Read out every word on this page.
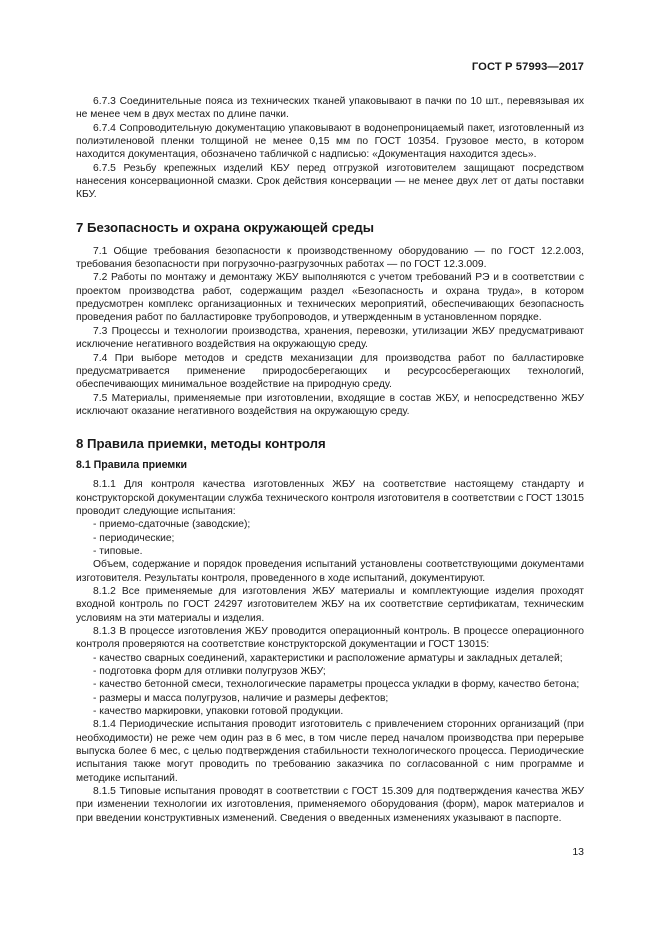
ГОСТ Р 57993—2017

6.7.3 Соединительные пояса из технических тканей упаковывают в пачки по 10 шт., перевязывая их не менее чем в двух местах по длине пачки.

6.7.4 Сопроводительную документацию упаковывают в водонепроницаемый пакет, изготовленный из полиэтиленовой пленки толщиной не менее 0,15 мм по ГОСТ 10354. Грузовое место, в котором находится документация, обозначено табличкой с надписью: «Документация находится здесь».

6.7.5 Резьбу крепежных изделий КБУ перед отгрузкой изготовителем защищают посредством нанесения консервационной смазки. Срок действия консервации — не менее двух лет от даты поставки КБУ.

7 Безопасность и охрана окружающей среды

7.1 Общие требования безопасности к производственному оборудованию — по ГОСТ 12.2.003, требования безопасности при погрузочно-разгрузочных работах — по ГОСТ 12.3.009.

7.2 Работы по монтажу и демонтажу ЖБУ выполняются с учетом требований РЭ и в соответствии с проектом производства работ, содержащим раздел «Безопасность и охрана труда», в котором предусмотрен комплекс организационных и технических мероприятий, обеспечивающих безопасность проведения работ по балластировке трубопроводов, и утвержденным в установленном порядке.

7.3 Процессы и технологии производства, хранения, перевозки, утилизации ЖБУ предусматривают исключение негативного воздействия на окружающую среду.

7.4 При выборе методов и средств механизации для производства работ по балластировке предусматривается применение природосберегающих и ресурсосберегающих технологий, обеспечивающих минимальное воздействие на природную среду.

7.5 Материалы, применяемые при изготовлении, входящие в состав ЖБУ, и непосредственно ЖБУ исключают оказание негативного воздействия на окружающую среду.

8 Правила приемки, методы контроля
8.1 Правила приемки

8.1.1 Для контроля качества изготовленных ЖБУ на соответствие настоящему стандарту и конструкторской документации служба технического контроля изготовителя в соответствии с ГОСТ 13015 проводит следующие испытания:

- приемо-сдаточные (заводские);

- периодические;

- типовые.

Объем, содержание и порядок проведения испытаний установлены соответствующими документами изготовителя. Результаты контроля, проведенного в ходе испытаний, документируют.

8.1.2 Все применяемые для изготовления ЖБУ материалы и комплектующие изделия проходят входной контроль по ГОСТ 24297 изготовителем ЖБУ на их соответствие сертификатам, техническим условиям на эти материалы и изделия.

8.1.3 В процессе изготовления ЖБУ проводится операционный контроль. В процессе операционного контроля проверяются на соответствие конструкторской документации и ГОСТ 13015:

- качество сварных соединений, характеристики и расположение арматуры и закладных деталей;

- подготовка форм для отливки полугрузов ЖБУ;

- качество бетонной смеси, технологические параметры процесса укладки в форму, качество бетона;

- размеры и масса полугрузов, наличие и размеры дефектов;

- качество маркировки, упаковки готовой продукции.

8.1.4 Периодические испытания проводит изготовитель с привлечением сторонних организаций (при необходимости) не реже чем один раз в 6 мес, в том числе перед началом производства при перерыве выпуска более 6 мес, с целью подтверждения стабильности технологического процесса. Периодические испытания также могут проводить по требованию заказчика по согласованной с ним программе и методике испытаний.

8.1.5 Типовые испытания проводят в соответствии с ГОСТ 15.309 для подтверждения качества ЖБУ при изменении технологии их изготовления, применяемого оборудования (форм), марок материалов и при введении конструктивных изменений. Сведения о введенных изменениях указывают в паспорте.

13
